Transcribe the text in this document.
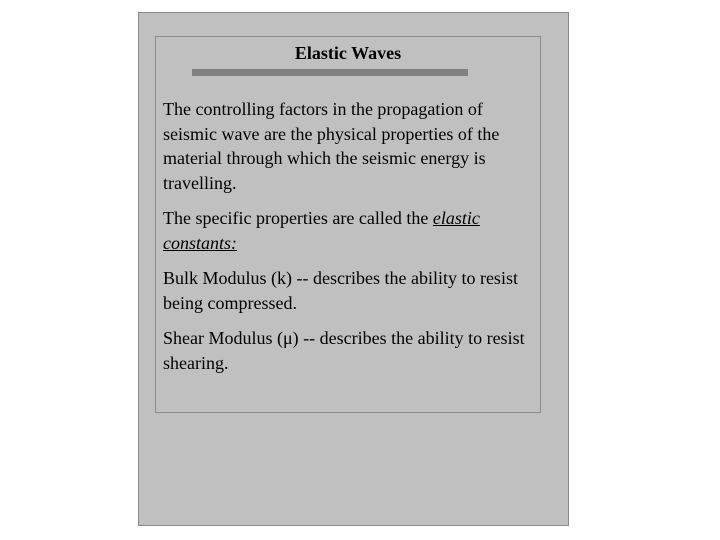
Elastic Waves

The controlling factors in the propagation of seismic wave are the physical properties of the material through which the seismic energy is travelling.

The specific properties are called the elastic constants:

Bulk Modulus (k) -- describes the ability to resist being compressed.

Shear Modulus (μ) -- describes the ability to resist shearing.
